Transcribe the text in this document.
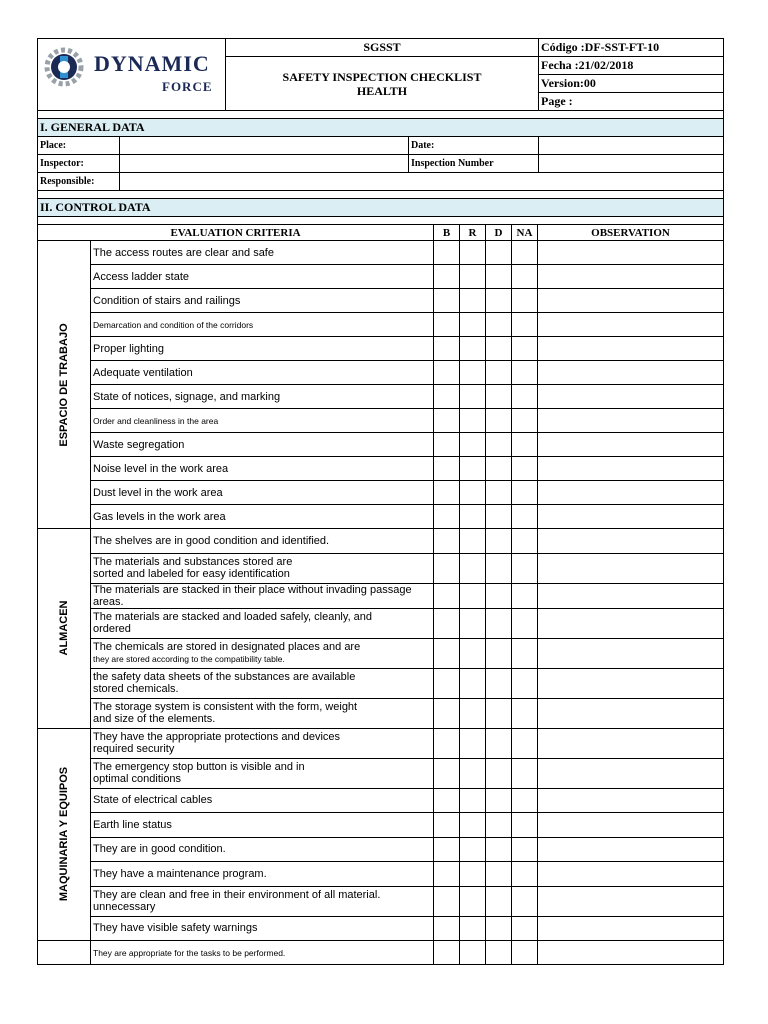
DYNAMIC
FORCE	SGSST	Código :DF-SST-FT-10

	SAFETY INSPECTION CHECKLIST
HEALTH	Fecha :21/02/2018
		Version:00
		Page :

I. GENERAL DATA			
Place:		Date:	
Inspector:		Inspection Number	
Responsible:			

II. CONTROL DATA			

EVALUATION CRITERIA		B	R	D	NA	OBSERVATION

ESPACIO DE TRABAJO	The access routes are clear and safe					

	Access ladder state					

	Condition of stairs and railings					

	Demarcation and condition of the corridors					

	Proper lighting					

	Adequate ventilation					

	State of notices, signage, and marking					

	Order and cleanliness in the area					

	Waste segregation					

	Noise level in the work area					

	Dust level in the work area					

	Gas levels in the work area					

ALMACEN	The shelves are in good condition and identified.					

	The materials and substances stored are
sorted and labeled for easy identification					

	The materials are stacked in their place without invading passage areas.					

	The materials are stacked and loaded safely, cleanly, and
ordered					

	The chemicals are stored in designated places and are
they are stored according to the compatibility table.					

	the safety data sheets of the substances are available
stored chemicals.					

	The storage system is consistent with the form, weight
and size of the elements.					

MAQUINARIA Y EQUIPOS	They have the appropriate protections and devices
required security					

	The emergency stop button is visible and in
optimal conditions					

	State of electrical cables					

	Earth line status					

	They are in good condition.					

	They have a maintenance program.					

	They are clean and free in their environment of all material.
unnecessary					

	They have visible safety warnings					

	They are appropriate for the tasks to be performed.					
